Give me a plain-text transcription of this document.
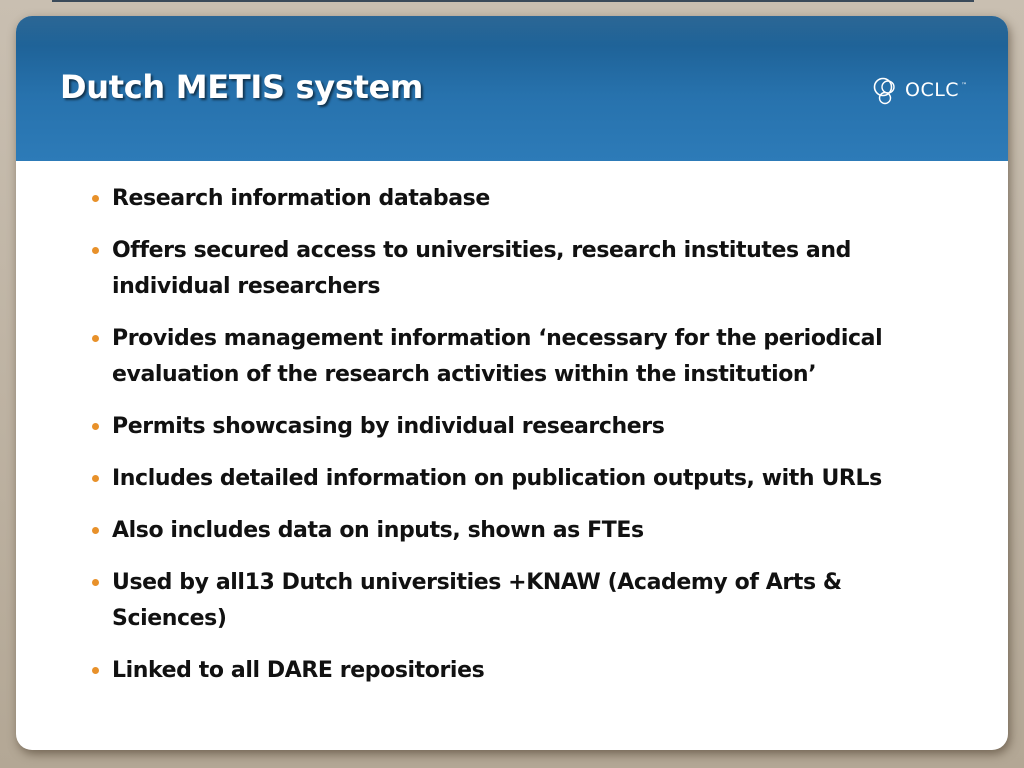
Dutch METIS system	OCLC ™
Research information database
Offers secured access to universities, research institutes and individual researchers
Provides management information ‘necessary for the periodical evaluation of the research activities within the institution’
Permits showcasing by individual researchers
Includes detailed information on publication outputs, with URLs
Also includes data on inputs, shown as FTEs
Used by all13 Dutch universities +KNAW (Academy of Arts & Sciences)
Linked to all DARE repositories
